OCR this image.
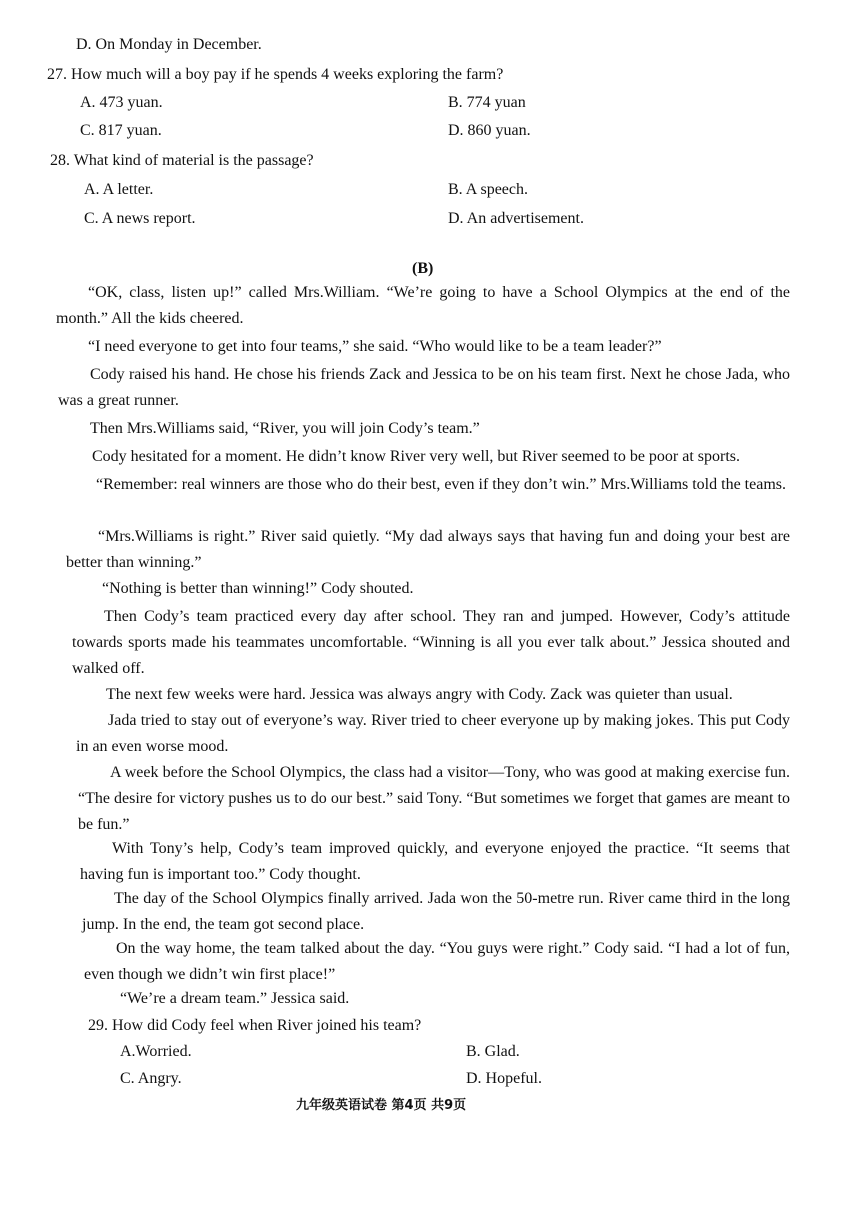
D. On Monday in December.
27. How much will a boy pay if he spends 4 weeks exploring the farm?
A. 473 yuan.	B. 774 yuan
C. 817 yuan.	D. 860 yuan.
28. What kind of material is the passage?
A. A letter.	B. A speech.
C. A news report.	D. An advertisement.
(B)
“OK, class, listen up!” called Mrs.William. “We’re going to have a School Olympics at the end of the month.” All the kids cheered.
“I need everyone to get into four teams,” she said. “Who would like to be a team leader?”
Cody raised his hand. He chose his friends Zack and Jessica to be on his team first. Next he chose Jada, who was a great runner.
Then Mrs.Williams said, “River, you will join Cody’s team.”
Cody hesitated for a moment. He didn’t know River very well, but River seemed to be poor at sports.
“Remember: real winners are those who do their best, even if they don’t win.” Mrs.Williams told the teams.
“Mrs.Williams is right.” River said quietly. “My dad always says that having fun and doing your best are better than winning.”
“Nothing is better than winning!” Cody shouted.
Then Cody’s team practiced every day after school. They ran and jumped. However, Cody’s attitude towards sports made his teammates uncomfortable. “Winning is all you ever talk about.” Jessica shouted and walked off.
The next few weeks were hard. Jessica was always angry with Cody. Zack was quieter than usual.
Jada tried to stay out of everyone’s way. River tried to cheer everyone up by making jokes. This put Cody in an even worse mood.
A week before the School Olympics, the class had a visitor—Tony, who was good at making exercise fun. “The desire for victory pushes us to do our best.” said Tony. “But sometimes we forget that games are meant to be fun.”
With Tony’s help, Cody’s team improved quickly, and everyone enjoyed the practice. “It seems that having fun is important too.” Cody thought.
The day of the School Olympics finally arrived. Jada won the 50-metre run. River came third in the long jump. In the end, the team got second place.
On the way home, the team talked about the day. “You guys were right.” Cody said. “I had a lot of fun, even though we didn’t win first place!”
“We’re a dream team.” Jessica said.
29. How did Cody feel when River joined his team?
A.Worried.	B. Glad.
C. Angry.	D. Hopeful.
九年级英语试卷 第4页 共9页
